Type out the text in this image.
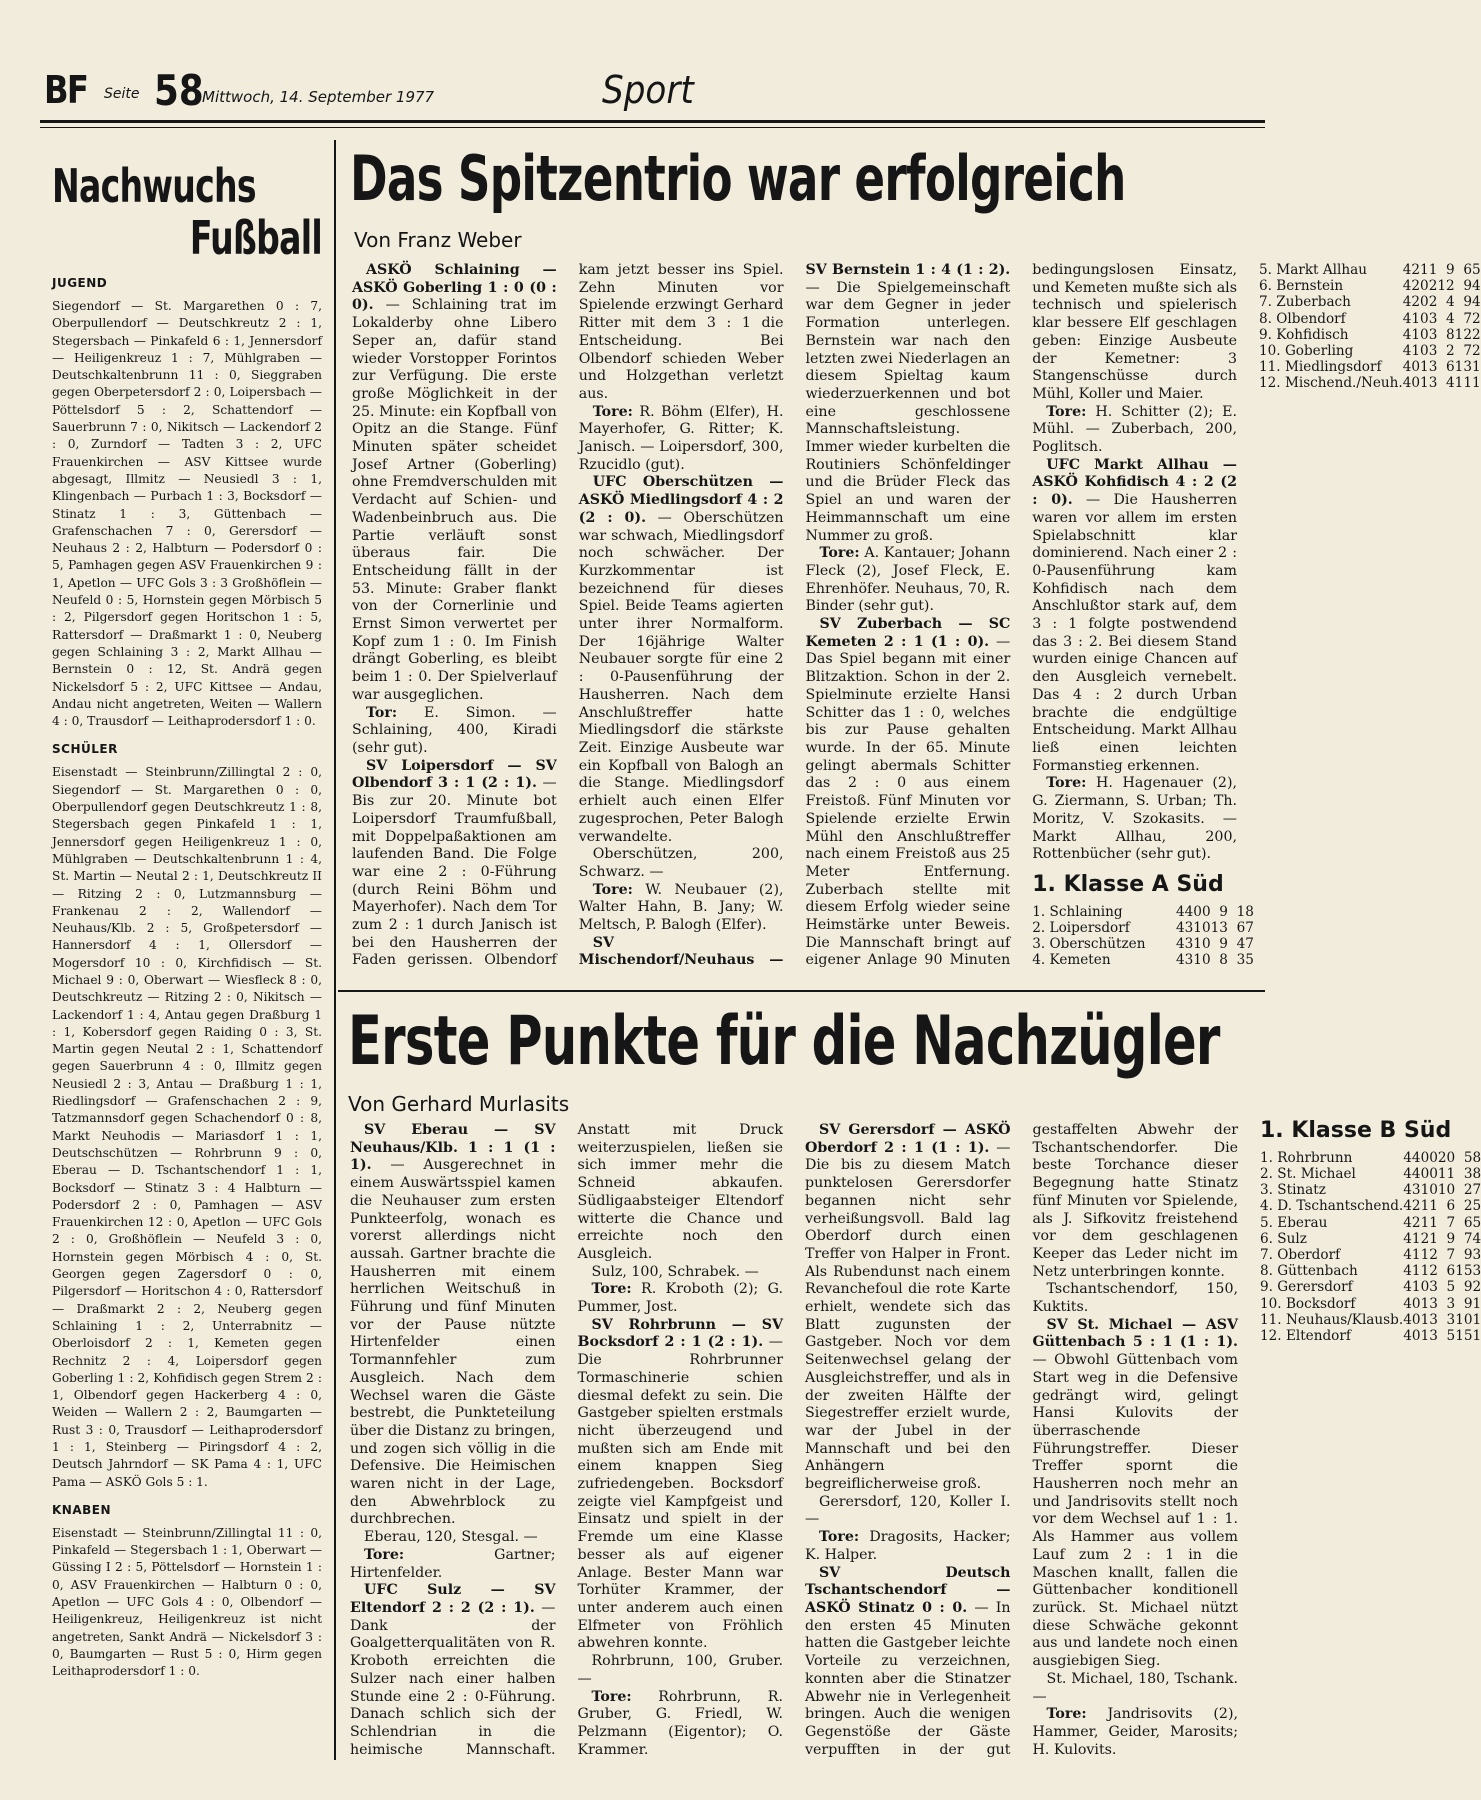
BF Seite 58
Mittwoch, 14. September 1977	Sport
Nachwuchs
Fußball
JUGEND

Siegendorf — St. Margarethen 0 : 7, Oberpullendorf — Deutschkreutz 2 : 1, Stegersbach — Pinkafeld 6 : 1, Jennersdorf — Heiligenkreuz 1 : 7, Mühlgraben — Deutschkaltenbrunn 11 : 0, Sieggraben gegen Oberpetersdorf 2 : 0, Loipersbach — Pöttelsdorf 5 : 2, Schattendorf — Sauerbrunn 7 : 0, Nikitsch — Lackendorf 2 : 0, Zurndorf — Tadten 3 : 2, UFC Frauenkirchen — ASV Kittsee wurde abgesagt, Illmitz — Neusiedl 3 : 1, Klingenbach — Purbach 1 : 3, Bocksdorf — Stinatz 1 : 3, Güttenbach — Grafenschachen 7 : 0, Gerersdorf — Neuhaus 2 : 2, Halbturn — Podersdorf 0 : 5, Pamhagen gegen ASV Frauenkirchen 9 : 1, Apetlon — UFC Gols 3 : 3 Großhöflein — Neufeld 0 : 5, Hornstein gegen Mörbisch 5 : 2, Pilgersdorf gegen Horitschon 1 : 5, Rattersdorf — Draßmarkt 1 : 0, Neuberg gegen Schlaining 3 : 2, Markt Allhau — Bernstein 0 : 12, St. Andrä gegen Nickelsdorf 5 : 2, UFC Kittsee — Andau, Andau nicht angetreten, Weiten — Wallern 4 : 0, Trausdorf — Leithaprodersdorf 1 : 0.

SCHÜLER

Eisenstadt — Steinbrunn/Zillingtal 2 : 0, Siegendorf — St. Margarethen 0 : 0, Oberpullendorf gegen Deutschkreutz 1 : 8, Stegersbach gegen Pinkafeld 1 : 1, Jennersdorf gegen Heiligenkreuz 1 : 0, Mühlgraben — Deutschkaltenbrunn 1 : 4, St. Martin — Neutal 2 : 1, Deutschkreutz II — Ritzing 2 : 0, Lutzmannsburg — Frankenau 2 : 2, Wallendorf — Neuhaus/Klb. 2 : 5, Großpetersdorf — Hannersdorf 4 : 1, Ollersdorf — Mogersdorf 10 : 0, Kirchfidisch — St. Michael 9 : 0, Oberwart — Wiesfleck 8 : 0, Deutschkreutz — Ritzing 2 : 0, Nikitsch — Lackendorf 1 : 4, Antau gegen Draßburg 1 : 1, Kobersdorf gegen Raiding 0 : 3, St. Martin gegen Neutal 2 : 1, Schattendorf gegen Sauerbrunn 4 : 0, Illmitz gegen Neusiedl 2 : 3, Antau — Draßburg 1 : 1, Riedlingsdorf — Grafenschachen 2 : 9, Tatzmannsdorf gegen Schachendorf 0 : 8, Markt Neuhodis — Mariasdorf 1 : 1, Deutschschützen — Rohrbrunn 9 : 0, Eberau — D. Tschantschendorf 1 : 1, Bocksdorf — Stinatz 3 : 4 Halbturn — Podersdorf 2 : 0, Pamhagen — ASV Frauenkirchen 12 : 0, Apetlon — UFC Gols 2 : 0, Großhöflein — Neufeld 3 : 0, Hornstein gegen Mörbisch 4 : 0, St. Georgen gegen Zagersdorf 0 : 0, Pilgersdorf — Horitschon 4 : 0, Rattersdorf — Draßmarkt 2 : 2, Neuberg gegen Schlaining 1 : 2, Unterrabnitz — Oberloisdorf 2 : 1, Kemeten gegen Rechnitz 2 : 4, Loipersdorf gegen Goberling 1 : 2, Kohfidisch gegen Strem 2 : 1, Olbendorf gegen Hackerberg 4 : 0, Weiden — Wallern 2 : 2, Baumgarten — Rust 3 : 0, Trausdorf — Leithaprodersdorf 1 : 1, Steinberg — Piringsdorf 4 : 2, Deutsch Jahrndorf — SK Pama 4 : 1, UFC Pama — ASKÖ Gols 5 : 1.

KNABEN

Eisenstadt — Steinbrunn/Zillingtal 11 : 0, Pinkafeld — Stegersbach 1 : 1, Oberwart — Güssing I 2 : 5, Pöttelsdorf — Hornstein 1 : 0, ASV Frauenkirchen — Halbturn 0 : 0, Apetlon — UFC Gols 4 : 0, Olbendorf — Heiligenkreuz, Heiligenkreuz ist nicht angetreten, Sankt Andrä — Nickelsdorf 3 : 0, Baumgarten — Rust 5 : 0, Hirm gegen Leithaprodersdorf 1 : 0.

Das Spitzentrio war erfolgreich
Von Franz Weber

ASKÖ Schlaining — ASKÖ Goberling 1 : 0 (0 : 0). — Schlaining trat im Lokalderby ohne Libero Seper an, dafür stand wieder Vorstopper Forintos zur Verfügung. Die erste große Möglichkeit in der 25. Minute: ein Kopfball von Opitz an die Stange. Fünf Minuten später scheidet Josef Artner (Goberling) ohne Fremdverschulden mit Verdacht auf Schien- und Wadenbeinbruch aus. Die Partie verläuft sonst überaus fair. Die Entscheidung fällt in der 53. Minute: Graber flankt von der Cornerlinie und Ernst Simon verwertet per Kopf zum 1 : 0. Im Finish drängt Goberling, es bleibt beim 1 : 0. Der Spielverlauf war ausgeglichen.

Tor: E. Simon. — Schlaining, 400, Kiradi (sehr gut).

SV Loipersdorf — SV Olbendorf 3 : 1 (2 : 1). — Bis zur 20. Minute bot Loipersdorf Traumfußball, mit Doppelpaßaktionen am laufenden Band. Die Folge war eine 2 : 0-Führung (durch Reini Böhm und Mayerhofer). Nach dem Tor zum 2 : 1 durch Janisch ist bei den Hausherren der Faden gerissen. Olbendorf kam jetzt besser ins Spiel. Zehn Minuten vor Spielende erzwingt Gerhard Ritter mit dem 3 : 1 die Entscheidung. Bei Olbendorf schieden Weber und Holzgethan verletzt aus.

Tore: R. Böhm (Elfer), H. Mayerhofer, G. Ritter; K. Janisch. — Loipersdorf, 300, Rzucidlo (gut).

UFC Oberschützen — ASKÖ Miedlingsdorf 4 : 2 (2 : 0). — Oberschützen war schwach, Miedlingsdorf noch schwächer. Der Kurzkommentar ist bezeichnend für dieses Spiel. Beide Teams agierten unter ihrer Normalform. Der 16jährige Walter Neubauer sorgte für eine 2 : 0-Pausenführung der Hausherren. Nach dem Anschlußtreffer hatte Miedlingsdorf die stärkste Zeit. Einzige Ausbeute war ein Kopfball von Balogh an die Stange. Miedlingsdorf erhielt auch einen Elfer zugesprochen, Peter Balogh verwandelte.

Oberschützen, 200, Schwarz. —

Tore: W. Neubauer (2), Walter Hahn, B. Jany; W. Meltsch, P. Balogh (Elfer).

SV Mischendorf/Neuhaus — SV Bernstein 1 : 4 (1 : 2). — Die Spielgemeinschaft war dem Gegner in jeder Formation unterlegen. Bernstein war nach den letzten zwei Niederlagen an diesem Spieltag kaum wiederzuerkennen und bot eine geschlossene Mannschaftsleistung. Immer wieder kurbelten die Routiniers Schönfeldinger und die Brüder Fleck das Spiel an und waren der Heimmannschaft um eine Nummer zu groß.

Tore: A. Kantauer; Johann Fleck (2), Josef Fleck, E. Ehrenhöfer. Neuhaus, 70, R. Binder (sehr gut).

SV Zuberbach — SC Kemeten 2 : 1 (1 : 0). — Das Spiel begann mit einer Blitzaktion. Schon in der 2. Spielminute erzielte Hansi Schitter das 1 : 0, welches bis zur Pause gehalten wurde. In der 65. Minute gelingt abermals Schitter das 2 : 0 aus einem Freistoß. Fünf Minuten vor Spielende erzielte Erwin Mühl den Anschlußtreffer nach einem Freistoß aus 25 Meter Entfernung. Zuberbach stellte mit diesem Erfolg wieder seine Heimstärke unter Beweis. Die Mannschaft bringt auf eigener Anlage 90 Minuten bedingungslosen Einsatz, und Kemeten mußte sich als technisch und spielerisch klar bessere Elf geschlagen geben: Einzige Ausbeute der Kemetner: 3 Stangenschüsse durch Mühl, Koller und Maier.

Tore: H. Schitter (2); E. Mühl. — Zuberbach, 200, Poglitsch.

UFC Markt Allhau — ASKÖ Kohfidisch 4 : 2 (2 : 0). — Die Hausherren waren vor allem im ersten Spielabschnitt klar dominierend. Nach einer 2 : 0-Pausenführung kam Kohfidisch nach dem Anschlußtor stark auf, dem 3 : 1 folgte postwendend das 3 : 2. Bei diesem Stand wurden einige Chancen auf den Ausgleich vernebelt. Das 4 : 2 durch Urban brachte die endgültige Entscheidung. Markt Allhau ließ einen leichten Formanstieg erkennen.

Tore: H. Hagenauer (2), G. Ziermann, S. Urban; Th. Moritz, V. Szokasits. — Markt Allhau, 200, Rottenbücher (sehr gut).

1. Klasse A Süd
1. Schlaining	4	4	0	0	9	1	8
2. Loipersdorf	4	3	1	0	13	6	7
3. Oberschützen	4	3	1	0	9	4	7
4. Kemeten	4	3	1	0	8	3	5
5. Markt Allhau	4	2	1	1	9	6	5
6. Bernstein	4	2	0	2	12	9	4
7. Zuberbach	4	2	0	2	4	9	4
8. Olbendorf	4	1	0	3	4	7	2
9. Kohfidisch	4	1	0	3	8	12	2
10. Goberling	4	1	0	3	2	7	2
11. Miedlingsdorf	4	0	1	3	6	13	1
12. Mischend./Neuh.	4	0	1	3	4	11	1
Erste Punkte für die Nachzügler
Von Gerhard Murlasits

SV Eberau — SV Neuhaus/Klb. 1 : 1 (1 : 1). — Ausgerechnet in einem Auswärtsspiel kamen die Neuhauser zum ersten Punkteerfolg, wonach es vorerst allerdings nicht aussah. Gartner brachte die Hausherren mit einem herrlichen Weitschuß in Führung und fünf Minuten vor der Pause nützte Hirtenfelder einen Tormannfehler zum Ausgleich. Nach dem Wechsel waren die Gäste bestrebt, die Punkteteilung über die Distanz zu bringen, und zogen sich völlig in die Defensive. Die Heimischen waren nicht in der Lage, den Abwehrblock zu durchbrechen.

Eberau, 120, Stesgal. —

Tore: Gartner; Hirtenfelder.

UFC Sulz — SV Eltendorf 2 : 2 (2 : 1). — Dank der Goalgetterqualitäten von R. Kroboth erreichten die Sulzer nach einer halben Stunde eine 2 : 0-Führung. Danach schlich sich der Schlendrian in die heimische Mannschaft. Anstatt mit Druck weiterzuspielen, ließen sie sich immer mehr die Schneid abkaufen. Südligaabsteiger Eltendorf witterte die Chance und erreichte noch den Ausgleich.

Sulz, 100, Schrabek. —

Tore: R. Kroboth (2); G. Pummer, Jost.

SV Rohrbrunn — SV Bocksdorf 2 : 1 (2 : 1). — Die Rohrbrunner Tormaschinerie schien diesmal defekt zu sein. Die Gastgeber spielten erstmals nicht überzeugend und mußten sich am Ende mit einem knappen Sieg zufriedengeben. Bocksdorf zeigte viel Kampfgeist und Einsatz und spielt in der Fremde um eine Klasse besser als auf eigener Anlage. Bester Mann war Torhüter Krammer, der unter anderem auch einen Elfmeter von Fröhlich abwehren konnte.

Rohrbrunn, 100, Gruber. —

Tore: Rohrbrunn, R. Gruber, G. Friedl, W. Pelzmann (Eigentor); O. Krammer.

SV Gerersdorf — ASKÖ Oberdorf 2 : 1 (1 : 1). — Die bis zu diesem Match punktelosen Gerersdorfer begannen nicht sehr verheißungsvoll. Bald lag Oberdorf durch einen Treffer von Halper in Front. Als Rubendunst nach einem Revanchefoul die rote Karte erhielt, wendete sich das Blatt zugunsten der Gastgeber. Noch vor dem Seitenwechsel gelang der Ausgleichstreffer, und als in der zweiten Hälfte der Siegestreffer erzielt wurde, war der Jubel in der Mannschaft und bei den Anhängern begreiflicherweise groß.

Gerersdorf, 120, Koller I. —

Tore: Dragosits, Hacker; K. Halper.

SV Deutsch Tschantschendorf — ASKÖ Stinatz 0 : 0. — In den ersten 45 Minuten hatten die Gastgeber leichte Vorteile zu verzeichnen, konnten aber die Stinatzer Abwehr nie in Verlegenheit bringen. Auch die wenigen Gegenstöße der Gäste verpufften in der gut gestaffelten Abwehr der Tschantschendorfer. Die beste Torchance dieser Begegnung hatte Stinatz fünf Minuten vor Spielende, als J. Sifkovitz freistehend vor dem geschlagenen Keeper das Leder nicht im Netz unterbringen konnte.

Tschantschendorf, 150, Kuktits.

SV St. Michael — ASV Güttenbach 5 : 1 (1 : 1). — Obwohl Güttenbach vom Start weg in die Defensive gedrängt wird, gelingt Hansi Kulovits der überraschende Führungstreffer. Dieser Treffer spornt die Hausherren noch mehr an und Jandrisovits stellt noch vor dem Wechsel auf 1 : 1. Als Hammer aus vollem Lauf zum 2 : 1 in die Maschen knallt, fallen die Güttenbacher konditionell zurück. St. Michael nützt diese Schwäche gekonnt aus und landete noch einen ausgiebigen Sieg.

St. Michael, 180, Tschank. —

Tore: Jandrisovits (2), Hammer, Geider, Marosits; H. Kulovits.

1. Klasse B Süd
1. Rohrbrunn	4	4	0	0	20	5	8
2. St. Michael	4	4	0	0	11	3	8
3. Stinatz	4	3	1	0	10	2	7
4. D. Tschantschend.	4	2	1	1	6	2	5
5. Eberau	4	2	1	1	7	6	5
6. Sulz	4	1	2	1	9	7	4
7. Oberdorf	4	1	1	2	7	9	3
8. Güttenbach	4	1	1	2	6	15	3
9. Gerersdorf	4	1	0	3	5	9	2
10. Bocksdorf	4	0	1	3	3	9	1
11. Neuhaus/Klausb.	4	0	1	3	3	10	1
12. Eltendorf	4	0	1	3	5	15	1
